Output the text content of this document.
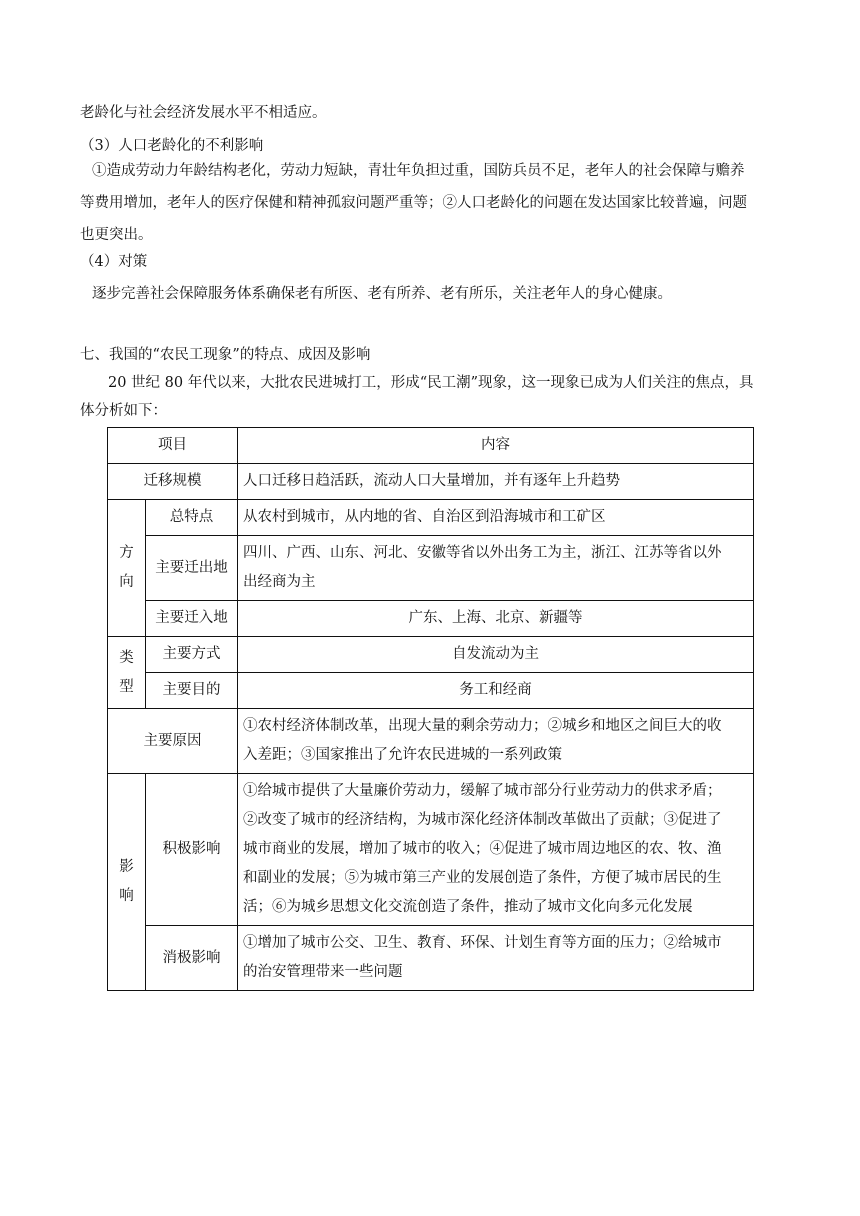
老龄化与社会经济发展水平不相适应。
（3）人口老龄化的不利影响
①造成劳动力年龄结构老化，劳动力短缺，青壮年负担过重，国防兵员不足，老年人的社会保障与赡养
等费用增加，老年人的医疗保健和精神孤寂问题严重等；②人口老龄化的问题在发达国家比较普遍，问题
也更突出。
（4）对策
逐步完善社会保障服务体系确保老有所医、老有所养、老有所乐，关注老年人的身心健康。
七、我国的“农民工现象”的特点、成因及影响
20 世纪 80 年代以来，大批农民进城打工，形成“民工潮”现象，这一现象已成为人们关注的焦点，具
体分析如下：
项目		内容
迁移规模		人口迁移日趋活跃，流动人口大量增加，并有逐年上升趋势

方
向	总特点	从农村到城市，从内地的省、自治区到沿海城市和工矿区
	主要迁出地	四川、广西、山东、河北、安徽等省以外出务工为主，浙江、江苏等省以外
出经商为主

	主要迁入地	广东、上海、北京、新疆等

类
型	主要方式	自发流动为主
	主要目的	务工和经商
主要原因		①农村经济体制改革，出现大量的剩余劳动力；②城乡和地区之间巨大的收
入差距；③国家推出了允许农民进城的一系列政策

影
响	积极影响	①给城市提供了大量廉价劳动力，缓解了城市部分行业劳动力的供求矛盾；
②改变了城市的经济结构，为城市深化经济体制改革做出了贡献；③促进了
城市商业的发展，增加了城市的收入；④促进了城市周边地区的农、牧、渔
和副业的发展；⑤为城市第三产业的发展创造了条件，方便了城市居民的生
活；⑥为城乡思想文化交流创造了条件，推动了城市文化向多元化发展

	消极影响	①增加了城市公交、卫生、教育、环保、计划生育等方面的压力；②给城市
的治安管理带来一些问题
